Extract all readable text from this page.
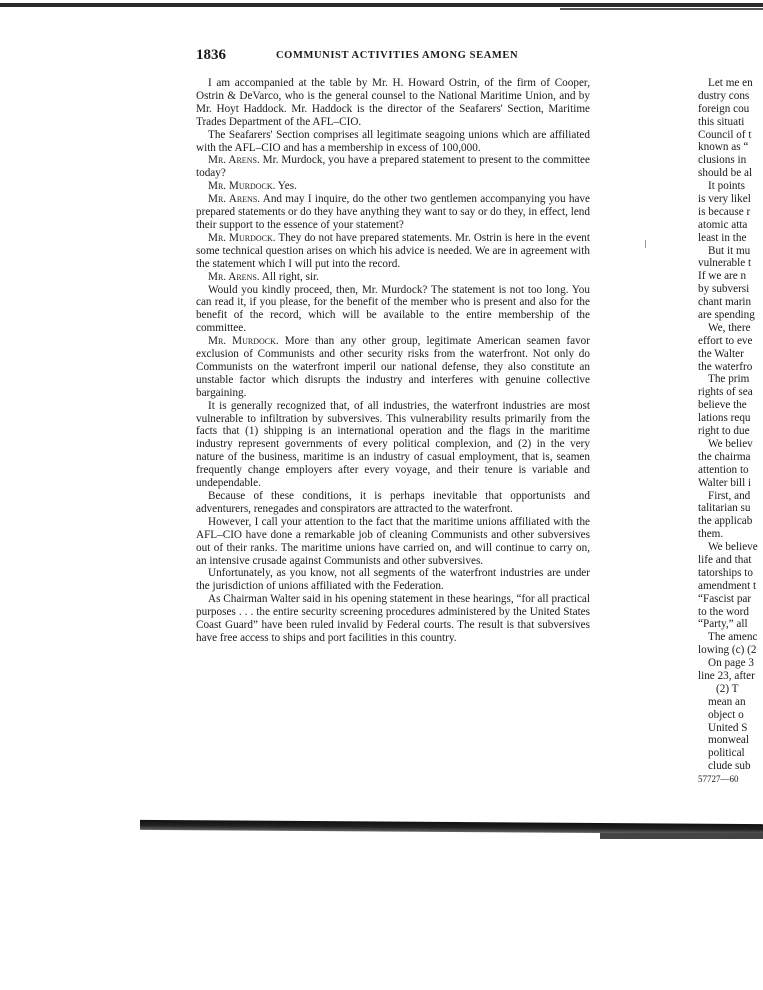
1836	COMMUNIST ACTIVITIES AMONG SEAMEN

I am accompanied at the table by Mr. H. Howard Ostrin, of the firm of Cooper, Ostrin & DeVarco, who is the general counsel to the National Maritime Union, and by Mr. Hoyt Haddock. Mr. Haddock is the director of the Seafarers' Section, Maritime Trades Department of the AFL–CIO.

The Seafarers' Section comprises all legitimate seagoing unions which are affiliated with the AFL–CIO and has a membership in excess of 100,000.

Mr. Arens. Mr. Murdock, you have a prepared statement to present to the committee today?

Mr. Murdock. Yes.

Mr. Arens. And may I inquire, do the other two gentlemen accompanying you have prepared statements or do they have anything they want to say or do they, in effect, lend their support to the essence of your statement?

Mr. Murdock. They do not have prepared statements. Mr. Ostrin is here in the event some technical question arises on which his advice is needed. We are in agreement with the statement which I will put into the record.

Mr. Arens. All right, sir.

Would you kindly proceed, then, Mr. Murdock? The statement is not too long. You can read it, if you please, for the benefit of the member who is present and also for the benefit of the record, which will be available to the entire membership of the committee.

Mr. Murdock. More than any other group, legitimate American seamen favor exclusion of Communists and other security risks from the waterfront. Not only do Communists on the waterfront imperil our national defense, they also constitute an unstable factor which disrupts the industry and interferes with genuine collective bargaining.

It is generally recognized that, of all industries, the waterfront industries are most vulnerable to infiltration by subversives. This vulnerability results primarily from the facts that (1) shipping is an international operation and the flags in the maritime industry represent governments of every political complexion, and (2) in the very nature of the business, maritime is an industry of casual employment, that is, seamen frequently change employers after every voyage, and their tenure is variable and undependable.

Because of these conditions, it is perhaps inevitable that opportunists and adventurers, renegades and conspirators are attracted to the waterfront.

However, I call your attention to the fact that the maritime unions affiliated with the AFL–CIO have done a remarkable job of cleaning Communists and other subversives out of their ranks. The maritime unions have carried on, and will continue to carry on, an intensive crusade against Communists and other subversives.

Unfortunately, as you know, not all segments of the waterfront industries are under the jurisdiction of unions affiliated with the Federation.

As Chairman Walter said in his opening statement in these hearings, “for all practical purposes . . . the entire security screening procedures administered by the United States Coast Guard” have been ruled invalid by Federal courts. The result is that subversives have free access to ships and port facilities in this country.

Let me en
dustry cons
foreign cou
this situati
Council of t
known as “
clusions in
should be al
It points
is very likel
is because r
atomic atta
least in the
But it mu
vulnerable t
If we are n
by subversi
chant marin
are spending
We, there
effort to eve
the Walter
the waterfro
The prim
rights of sea
believe the
lations requ
right to due
We believ
the chairma
attention to
Walter bill i
First, and
talitarian su
the applicab
them.
We believe
life and that
tatorships to
amendment t
“Fascist par
to the word
“Party,” all
The amenc
lowing (c) (2
On page 3
line 23, after
(2) T
mean an
object o
United S
monweal
political
clude sub
57727—60
